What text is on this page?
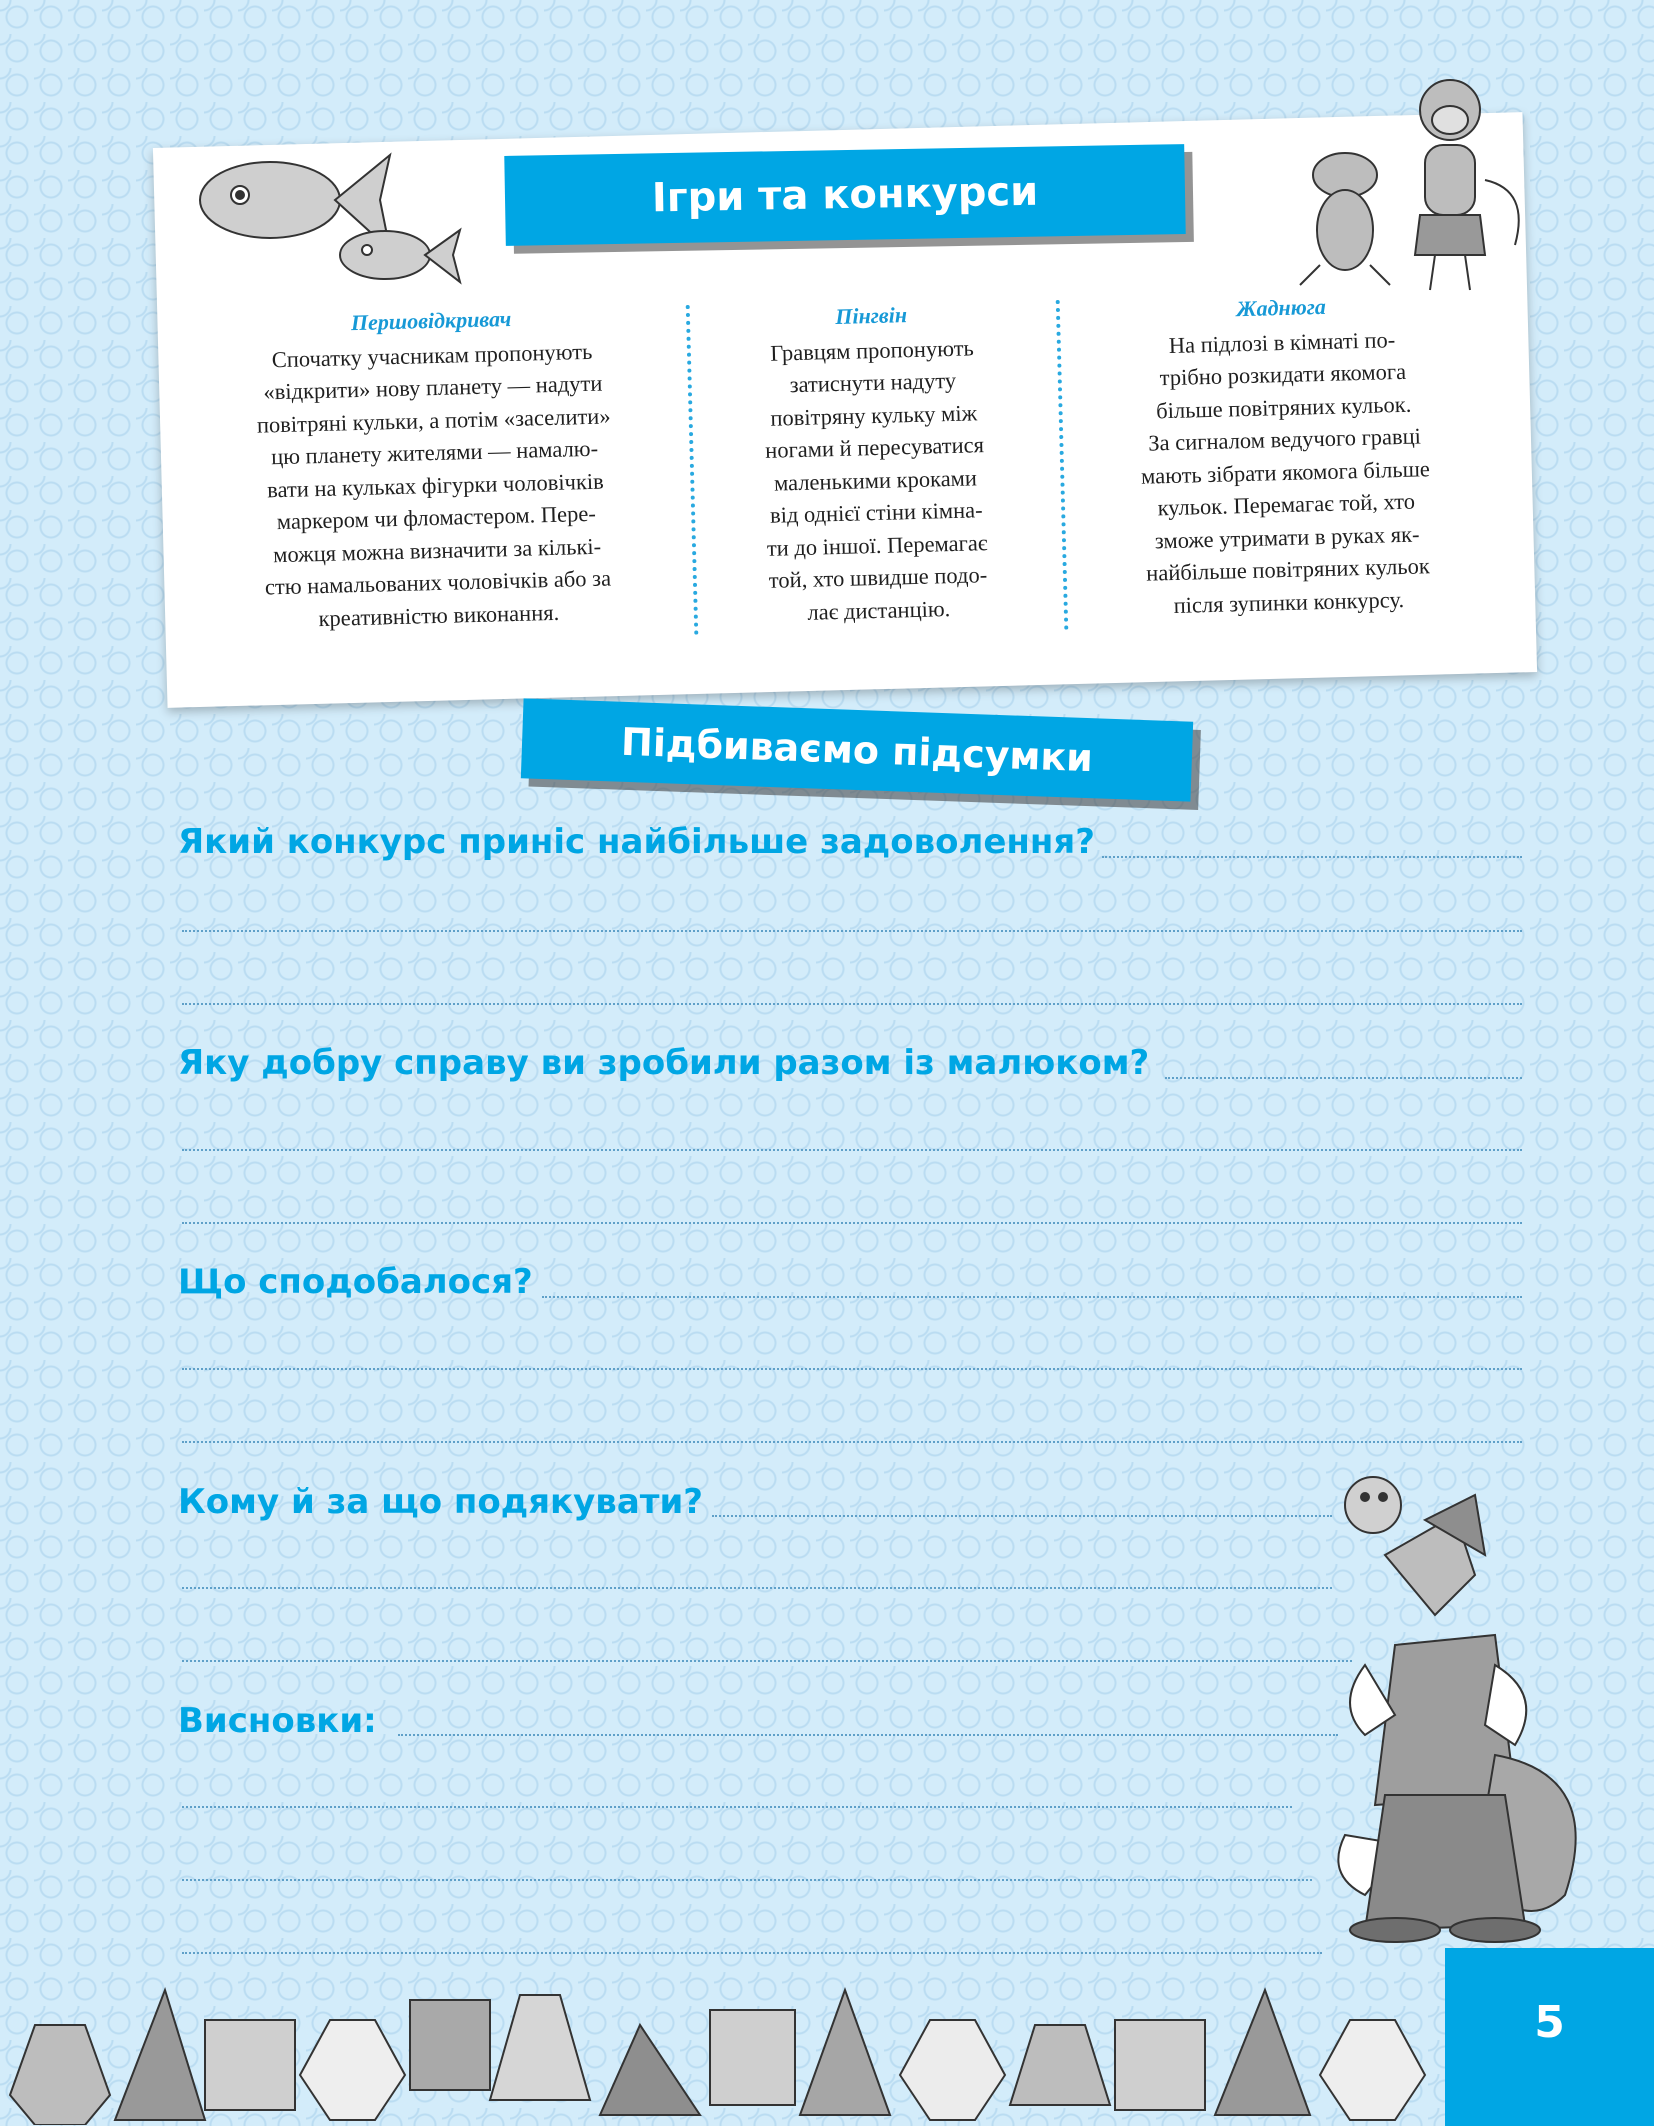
Ігри та конкурси
Першовідкривач
Спочатку учасникам пропонують
«відкрити» нову планету — надути
повітряні кульки, а потім «заселити»
цю планету жителями — намалю-
вати на кульках фігурки чоловічків
маркером чи фломастером. Пере-
можця можна визначити за кількі-
стю намальованих чоловічків або за
креативністю виконання.
Пінгвін
Гравцям пропонують
затиснути надуту
повітряну кульку між
ногами й пересуватися
маленькими кроками
від однієї стіни кімна-
ти до іншої. Перемагає
той, хто швидше подо-
лає дистанцію.
Жаднюга
На підлозі в кімнаті по-
трібно розкидати якомога
більше повітряних кульок.
За сигналом ведучого гравці
мають зібрати якомога більше
кульок. Перемагає той, хто
зможе утримати в руках як-
найбільше повітряних кульок
після зупинки конкурсу.
Підбиваємо підсумки
Який конкурс приніс найбільше задоволення?
Яку добру справу ви зробили разом із малюком?
Що сподобалося?
Кому й за що подякувати?
Висновки:
5
